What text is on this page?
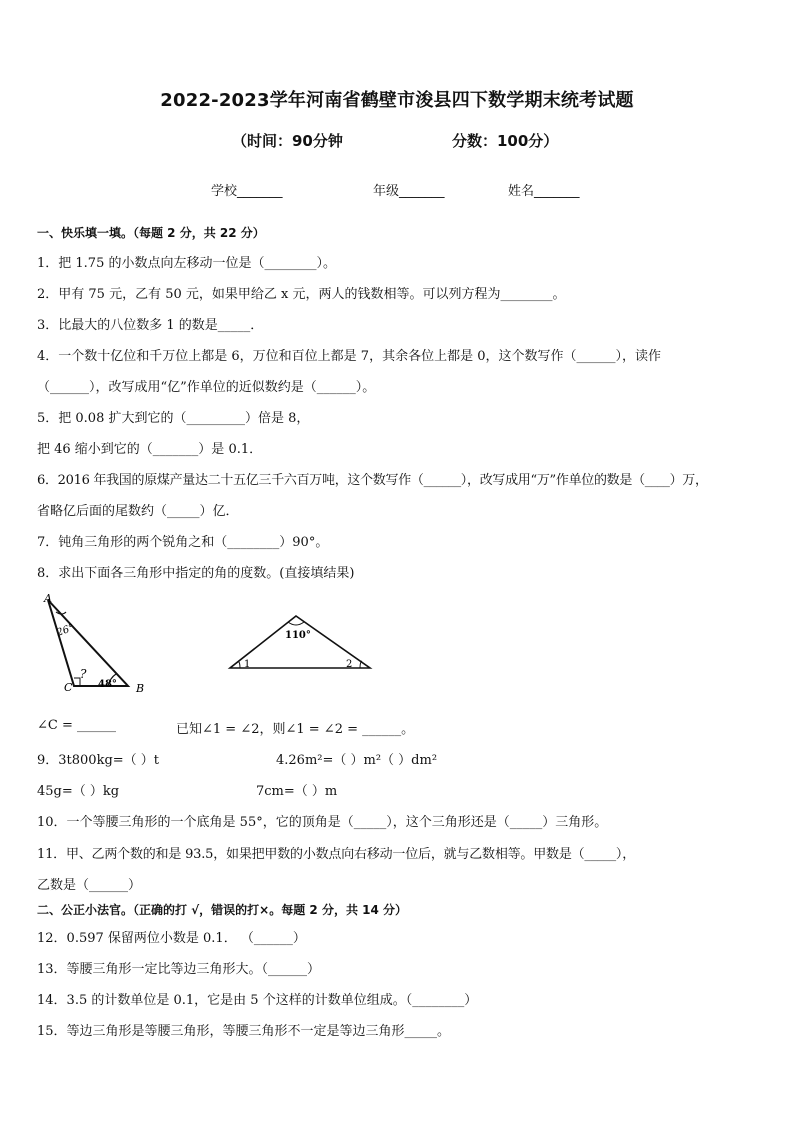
2022-2023学年河南省鹤壁市浚县四下数学期末统考试题
（时间：90分钟	分数：100分）
学校_______	年级_______	姓名_______
一、快乐填一填。（每题 2 分，共 22 分）
1．把 1.75 的小数点向左移动一位是（________）。
2．甲有 75 元，乙有 50 元，如果甲给乙 x 元，两人的钱数相等。可以列方程为________。
3．比最大的八位数多 1 的数是_____．
4．一个数十亿位和千万位上都是 6，万位和百位上都是 7，其余各位上都是 0，这个数写作（______），读作
（______），改写成用“亿”作单位的近似数约是（______）。
5．把 0.08 扩大到它的（_________）倍是 8，
把 46 缩小到它的（_______）是 0.1．
6．2016 年我国的原煤产量达二十五亿三千六百万吨，这个数写作（______），改写成用“万”作单位的数是（____）万，
省略亿后面的尾数约（_____）亿．
7．钝角三角形的两个锐角之和（________）90°。
8．求出下面各三角形中指定的角的度数。(直接填结果)
A
B
C
26°
48°
?
110°
1	2
∠C = ______	已知∠1 = ∠2，则∠1 = ∠2 = ______。
9．3t800kg=（ ）t	4.26m²=（ ）m²（ ）dm²
45g=（ ）kg	7cm=（ ）m
10．一个等腰三角形的一个底角是 55°，它的顶角是（_____），这个三角形还是（_____）三角形。
11．甲、乙两个数的和是 93.5，如果把甲数的小数点向右移动一位后，就与乙数相等。甲数是（_____），
乙数是（______）
二、公正小法官。（正确的打 √，错误的打×。每题 2 分，共 14 分）
12．0.597 保留两位小数是 0.1． （______）
13．等腰三角形一定比等边三角形大。（______）
14．3.5 的计数单位是 0.1，它是由 5 个这样的计数单位组成。（________）
15．等边三角形是等腰三角形，等腰三角形不一定是等边三角形_____。
